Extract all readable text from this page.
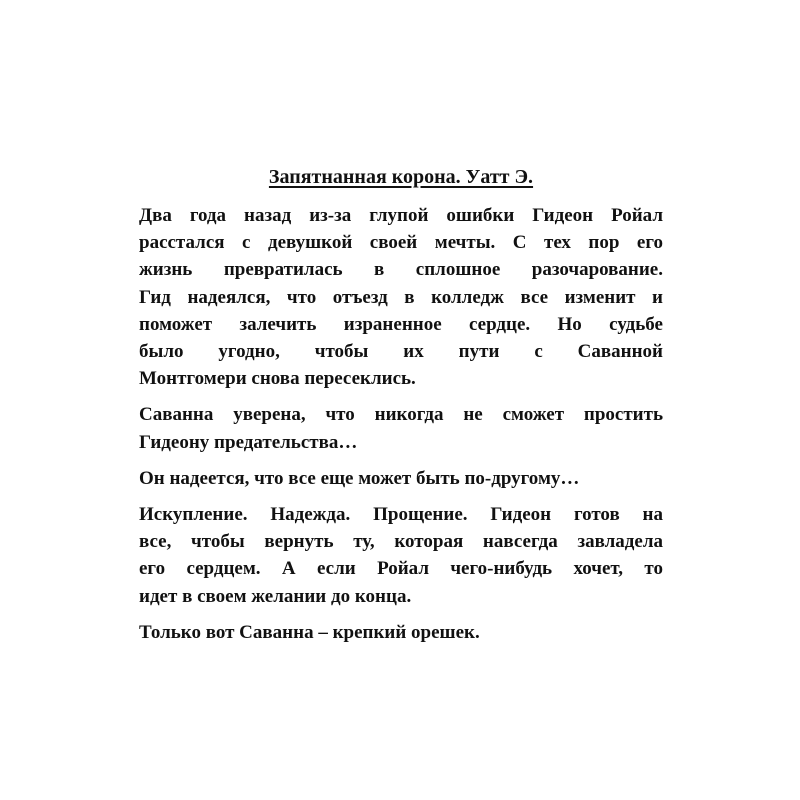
Запятнанная корона. Уатт Э.
Два года назад из-за глупой ошибки Гидеон Ройал
расстался с девушкой своей мечты. С тех пор его
жизнь превратилась в сплошное разочарование.
Гид надеялся, что отъезд в колледж все изменит и
поможет залечить израненное сердце. Но судьбе
было угодно, чтобы их пути с Саванной
Монтгомери снова пересеклись.
Саванна уверена, что никогда не сможет простить
Гидеону предательства…
Он надеется, что все еще может быть по-другому…
Искупление. Надежда. Прощение. Гидеон готов на
все, чтобы вернуть ту, которая навсегда завладела
его сердцем. А если Ройал чего-нибудь хочет, то
идет в своем желании до конца.
Только вот Саванна – крепкий орешек.
